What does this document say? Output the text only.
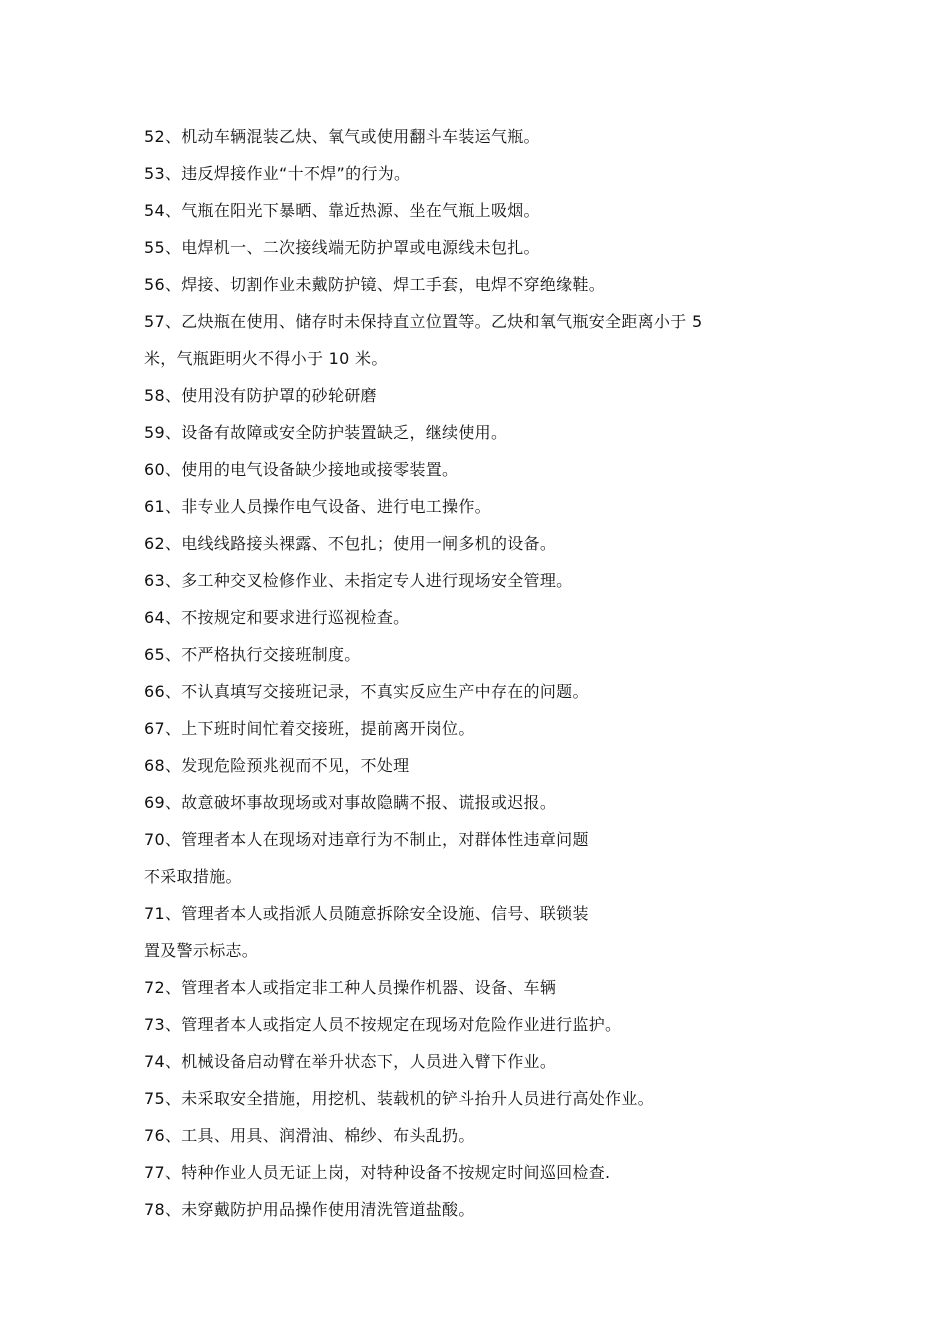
52、机动车辆混装乙炔、氧气或使用翻斗车装运气瓶。
53、违反焊接作业“十不焊”的行为。
54、气瓶在阳光下暴晒、靠近热源、坐在气瓶上吸烟。
55、电焊机一、二次接线端无防护罩或电源线未包扎。
56、焊接、切割作业未戴防护镜、焊工手套，电焊不穿绝缘鞋。
57、乙炔瓶在使用、储存时未保持直立位置等。乙炔和氧气瓶安全距离小于 5
米，气瓶距明火不得小于 10 米。
58、使用没有防护罩的砂轮研磨
59、设备有故障或安全防护装置缺乏，继续使用。
60、使用的电气设备缺少接地或接零装置。
61、非专业人员操作电气设备、进行电工操作。
62、电线线路接头裸露、不包扎；使用一闸多机的设备。
63、多工种交叉检修作业、未指定专人进行现场安全管理。
64、不按规定和要求进行巡视检查。
65、不严格执行交接班制度。
66、不认真填写交接班记录，不真实反应生产中存在的问题。
67、上下班时间忙着交接班，提前离开岗位。
68、发现危险预兆视而不见，不处理
69、故意破坏事故现场或对事故隐瞒不报、谎报或迟报。
70、管理者本人在现场对违章行为不制止，对群体性违章问题
不采取措施。
71、管理者本人或指派人员随意拆除安全设施、信号、联锁装
置及警示标志。
72、管理者本人或指定非工种人员操作机器、设备、车辆
73、管理者本人或指定人员不按规定在现场对危险作业进行监护。
74、机械设备启动臂在举升状态下，人员进入臂下作业。
75、未采取安全措施，用挖机、装载机的铲斗抬升人员进行高处作业。
76、工具、用具、润滑油、棉纱、布头乱扔。
77、特种作业人员无证上岗，对特种设备不按规定时间巡回检查.
78、未穿戴防护用品操作使用清洗管道盐酸。
